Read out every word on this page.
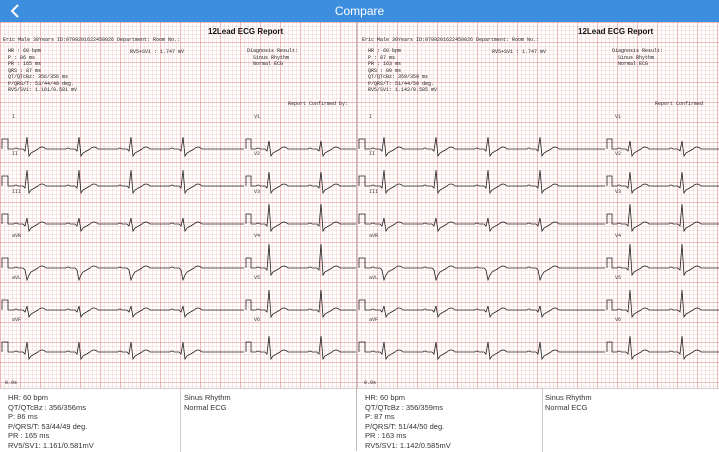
Compare
I	V1
II	V2
III	V3
aVR	V4
aVL	V5
aVF	V6
I	V1
II	V2
III	V3
aVR	V4
aVL	V5
aVF	V6
12Lead ECG Report
Eric Male 30Years ID:0709201622450026 Department: Room No.:
HR : 60 bpm
P : 86 ms
PR : 165 ms
QRS : 87 ms
QT/QTcBz: 356/356 ms
P/QRS/T: 53/44/49 deg.
RV5/SV1: 1.161/0.581 mV
RV5+SV1 : 1.747 mV	Diagnosis Result:
Sinus Rhythm
Normal ECG
Report Confirmed by:
0.0s
12Lead ECG Report
Eric Male 30Years ID:0709201622450026 Department: Room No.:
HR : 60 bpm
P : 87 ms
PR : 163 ms
QRS : 89 ms
QT/QTcBz: 359/359 ms
P/QRS/T: 51/44/50 deg.
RV5/SV1: 1.142/0.585 mV
RV5+SV1 : 1.747 mV	Diagnosis Result:
Sinus Rhythm
Normal ECG
Report Confirmed
0.0s
HR: 60 bpm
QT/QTcBz : 356/356ms
P: 86 ms
P/QRS/T: 53/44/49 deg.
PR : 165 ms
RV5/SV1: 1.161/0.581mV
Sinus Rhythm
Normal ECG
HR: 60 bpm
QT/QTcBz : 356/359ms
P: 87 ms
P/QRS/T: 51/44/50 deg.
PR : 163 ms
RV5/SV1: 1.142/0.585mV
Sinus Rhythm
Normal ECG
